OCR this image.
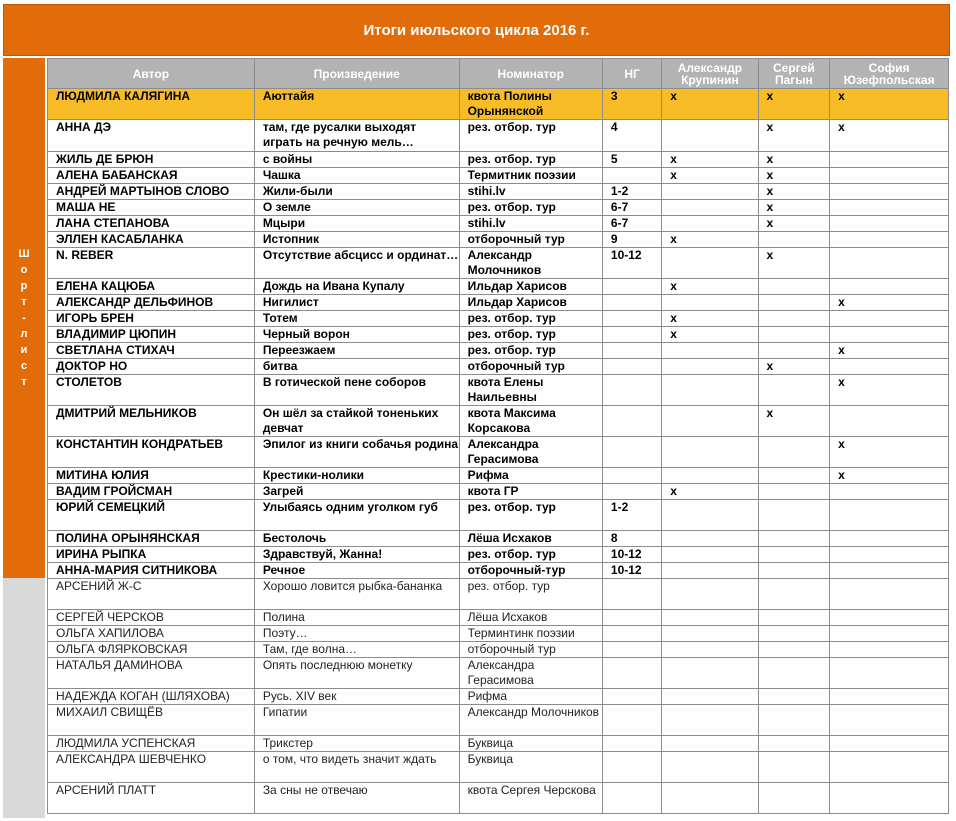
Итоги июльского цикла 2016 г.
Ш
о
р
т
-
л
и
с
т
Автор	Произведение	Номинатор	НГ	Александр Крупинин	Сергей Пагын	София Юзефпольская
ЛЮДМИЛА КАЛЯГИНА	Аюттайя	квота Полины Орынянской	3	x	x	x
АННА ДЭ	там, где русалки выходят играть на речную мель…	рез. отбор. тур	4		x	x
ЖИЛЬ ДЕ БРЮН	с войны	рез. отбор. тур	5	x	x	
АЛЕНА БАБАНСКАЯ	Чашка	Термитник поэзии		x	x	
АНДРЕЙ МАРТЫНОВ СЛОВО	Жили-были	stihi.lv	1-2		x	
МАША НЕ	О земле	рез. отбор. тур	6-7		x	
ЛАНА СТЕПАНОВА	Мцыри	stihi.lv	6-7		x	
ЭЛЛЕН КАСАБЛАНКА	Истопник	отборочный тур	9	x		
N. REBER	Отсутствие абсцисс и ординат…	Александр Молочников	10-12		x	
ЕЛЕНА КАЦЮБА	Дождь на Ивана Купалу	Ильдар Харисов		x		
АЛЕКСАНДР ДЕЛЬФИНОВ	Нигилист	Ильдар Харисов				x
ИГОРЬ БРЕН	Тотем	рез. отбор. тур		x		
ВЛАДИМИР ЦЮПИН	Черный ворон	рез. отбор. тур		x		
СВЕТЛАНА СТИХАЧ	Переезжаем	рез. отбор. тур				x
ДОКТОР НО	битва	отборочный тур			x	
СТОЛЕТОВ	В готической пене соборов	квота Елены Наильевны				x
ДМИТРИЙ МЕЛЬНИКОВ	Он шёл за стайкой тоненьких девчат	квота Максима Корсакова			x	
КОНСТАНТИН КОНДРАТЬЕВ	Эпилог из книги собачья родина	Александра Герасимова				x
МИТИНА ЮЛИЯ	Крестики-нолики	Рифма				x
ВАДИМ ГРОЙСМАН	Загрей	квота ГР		x		
ЮРИЙ СЕМЕЦКИЙ	Улыбаясь одним уголком губ	рез. отбор. тур	1-2			
ПОЛИНА ОРЫНЯНСКАЯ	Бестолочь	Лёша Исхаков	8			
ИРИНА РЫПКА	Здравствуй, Жанна!	рез. отбор. тур	10-12			
АННА-МАРИЯ СИТНИКОВА	Речное	отборочный-тур	10-12			
АРСЕНИЙ Ж-С	Хорошо ловится рыбка-бананка	рез. отбор. тур				
СЕРГЕЙ ЧЕРСКОВ	Полина	Лёша Исхаков				
ОЛЬГА ХАПИЛОВА	Поэту…	Терминтинк поэзии				
ОЛЬГА ФЛЯРКОВСКАЯ	Там, где волна…	отборочный тур				
НАТАЛЬЯ ДАМИНОВА	Опять последнюю монетку	Александра Герасимова				
НАДЕЖДА КОГАН (ШЛЯХОВА)	Русь. XIV век	Рифма				
МИХАИЛ СВИЩЁВ	Гипатии	Александр Молочников				
ЛЮДМИЛА УСПЕНСКАЯ	Трикстер	Буквица				
АЛЕКСАНДРА ШЕВЧЕНКО	о том, что видеть значит ждать	Буквица				
АРСЕНИЙ ПЛАТТ	За сны не отвечаю	квота Сергея Черскова				
